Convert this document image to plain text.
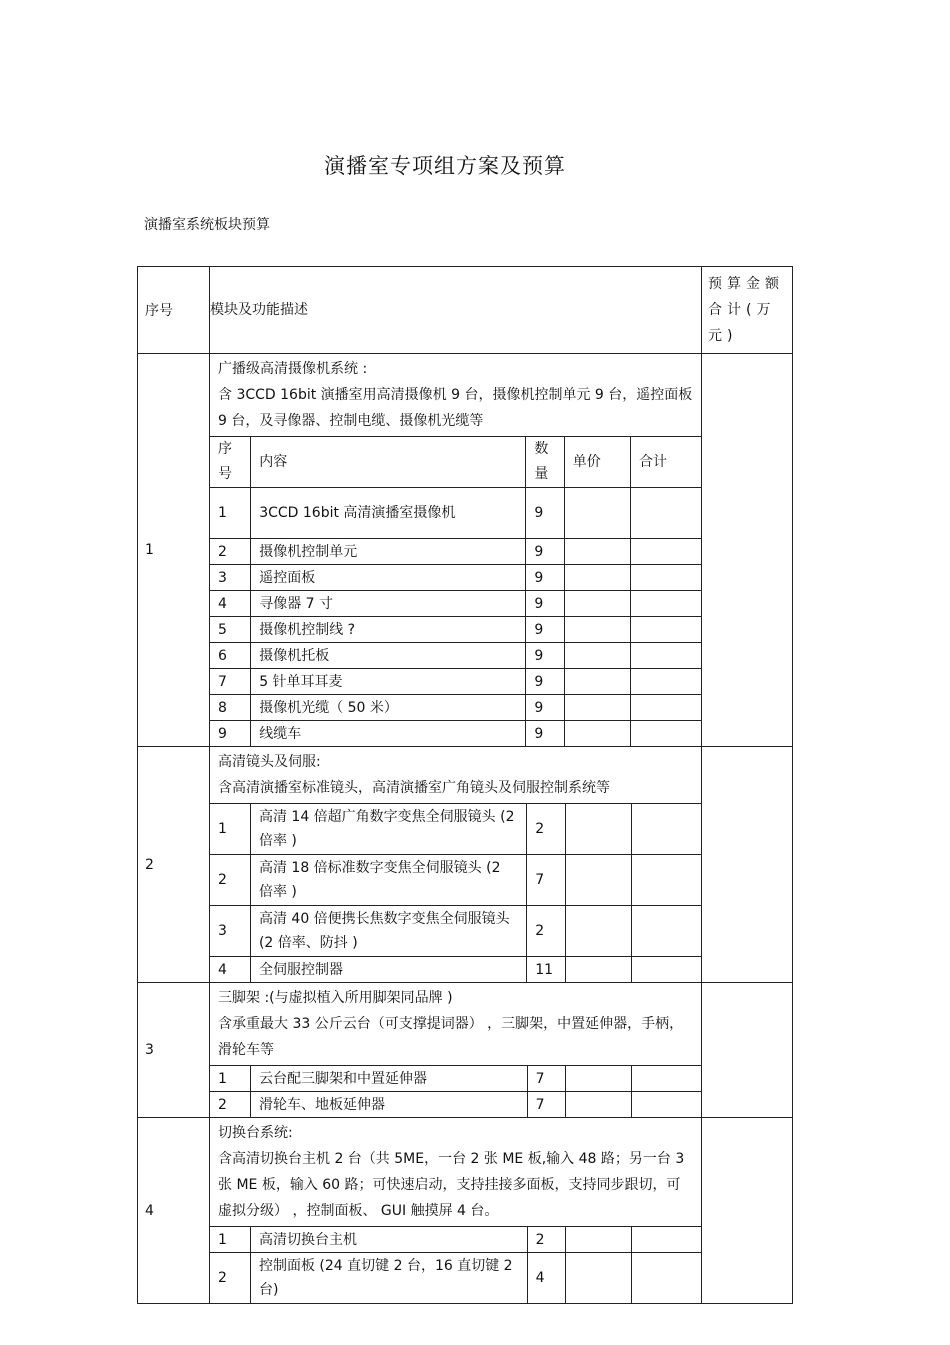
演播室专项组方案及预算
演播室系统板块预算
序号	模块及功能描述	预算金额合计(万元)
1	
广播级高清摄像机系统 :
含 3CCD 16bit 演播室用高清摄像机 9 台，摄像机控制单元 9 台，遥控面板 9 台，及寻像器、控制电缆、摄像机光缆等
序号	内容	数量	单价	合计
1	3CCD 16bit 高清演播室摄像机	9		
2	摄像机控制单元	9		
3	遥控面板	9		
4	寻像器 7 寸	9		
5	摄像机控制线 ?	9		
6	摄像机托板	9		
7	5 针单耳耳麦	9		
8	摄像机光缆（ 50 米）	9		
9	线缆车	9		

2	
高清镜头及伺服:
含高清演播室标准镜头，高清演播室广角镜头及伺服控制系统等
1	高清 14 倍超广角数字变焦全伺服镜头 (2 倍率 )	2		
2	高清 18 倍标准数字变焦全伺服镜头 (2 倍率 )	7		
3	高清 40 倍便携长焦数字变焦全伺服镜头(2 倍率、防抖 )	2		
4	全伺服控制器	11		

3	
三脚架 :(与虚拟植入所用脚架同品牌 )
含承重最大 33 公斤云台（可支撑提词器） ，三脚架，中置延伸器，手柄，滑轮车等
1	云台配三脚架和中置延伸器	7		
2	滑轮车、地板延伸器	7		

4	
切换台系统:
含高清切换台主机 2 台（共 5ME，一台 2 张 ME 板,输入 48 路；另一台 3 张 ME 板，输入 60 路；可快速启动，支持挂接多面板，支持同步跟切，可虚拟分级） ，控制面板、 GUI 触摸屏 4 台。
1	高清切换台主机	2		
2	控制面板 (24 直切键 2 台，16 直切键 2 台)	4		
